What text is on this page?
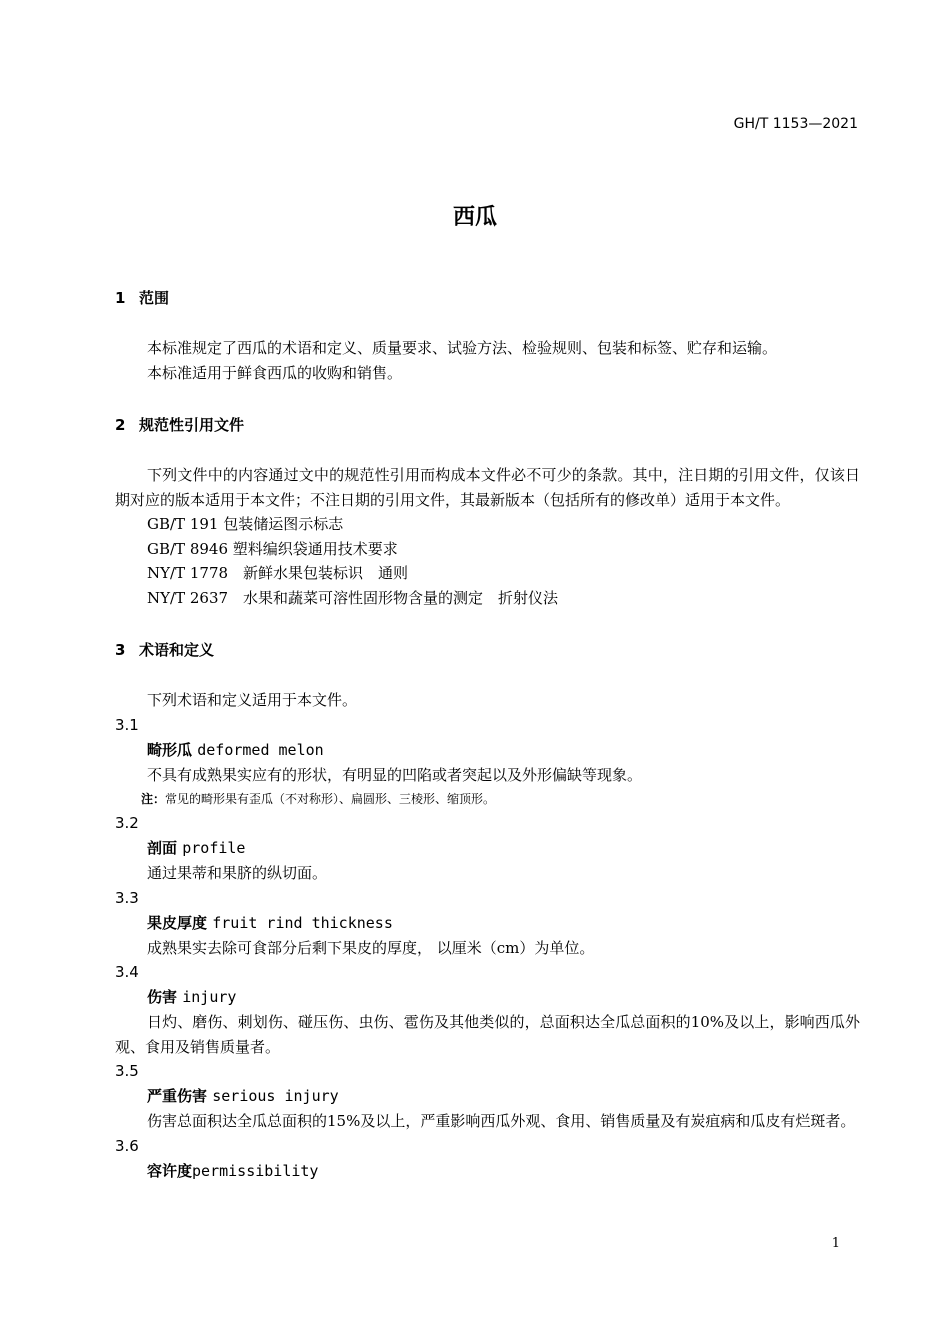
GH/T 1153—2021
西瓜
1 范围
本标准规定了西瓜的术语和定义、质量要求、试验方法、检验规则、包装和标签、贮存和运输。
本标准适用于鲜食西瓜的收购和销售。
2 规范性引用文件
下列文件中的内容通过文中的规范性引用而构成本文件必不可少的条款。其中，注日期的引用文件，仅该日期对应的版本适用于本文件；不注日期的引用文件，其最新版本（包括所有的修改单）适用于本文件。
GB/T 191 包装储运图示标志
GB/T 8946 塑料编织袋通用技术要求
NY/T 1778　新鲜水果包装标识　通则
NY/T 2637　水果和蔬菜可溶性固形物含量的测定　折射仪法
3 术语和定义
下列术语和定义适用于本文件。
3.1
畸形瓜 deformed melon
不具有成熟果实应有的形状，有明显的凹陷或者突起以及外形偏缺等现象。
注：常见的畸形果有歪瓜（不对称形）、扁圆形、三棱形、缩顶形。
3.2
剖面 profile
通过果蒂和果脐的纵切面。
3.3
果皮厚度 fruit rind thickness
成熟果实去除可食部分后剩下果皮的厚度， 以厘米（cm）为单位。
3.4
伤害 injury
日灼、磨伤、刺划伤、碰压伤、虫伤、雹伤及其他类似的，总面积达全瓜总面积的10%及以上，影响西瓜外观、食用及销售质量者。
3.5
严重伤害 serious injury
伤害总面积达全瓜总面积的15%及以上，严重影响西瓜外观、食用、销售质量及有炭疽病和瓜皮有烂斑者。
3.6
容许度permissibility
1
